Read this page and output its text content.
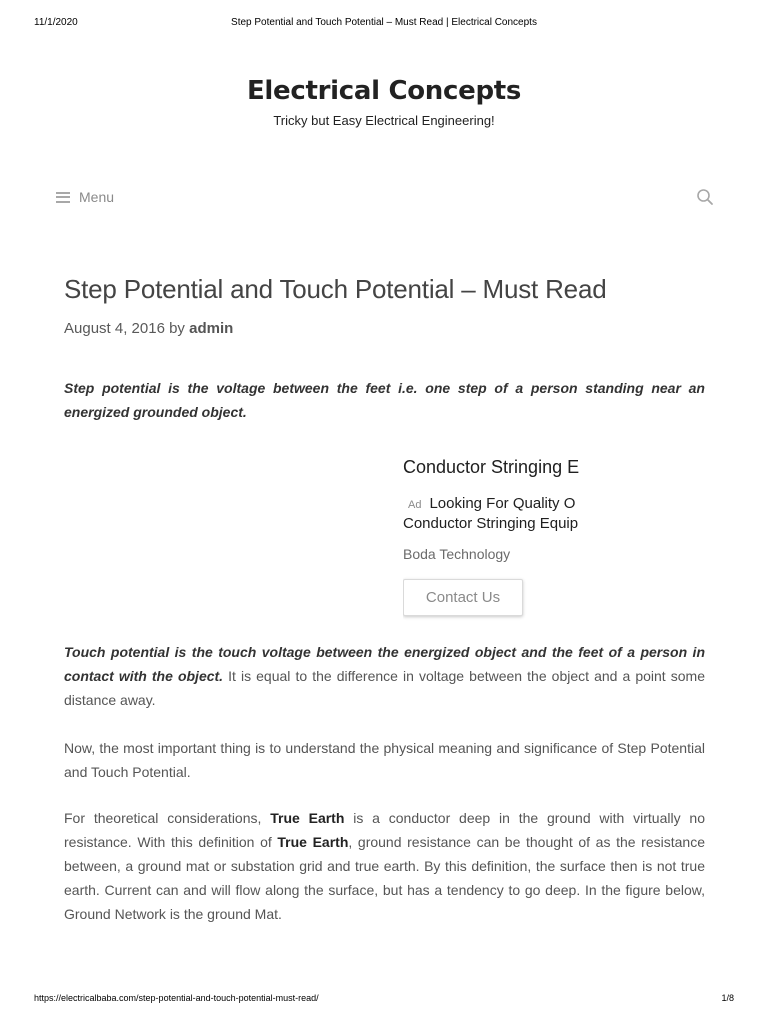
11/1/2020	Step Potential and Touch Potential – Must Read | Electrical Concepts
Electrical Concepts
Tricky but Easy Electrical Engineering!
Menu
Step Potential and Touch Potential – Must Read
August 4, 2016 by admin

Step potential is the voltage between the feet i.e. one step of a person standing near an energized grounded object.

Conductor Stringing E
Ad Looking For Quality O
Conductor Stringing Equip
Boda Technology
Contact Us

Touch potential is the touch voltage between the energized object and the feet of a person in contact with the object. It is equal to the difference in voltage between the object and a point some distance away.

Now, the most important thing is to understand the physical meaning and significance of Step Potential and Touch Potential.

For theoretical considerations, True Earth is a conductor deep in the ground with virtually no resistance. With this definition of True Earth, ground resistance can be thought of as the resistance between, a ground mat or substation grid and true earth. By this definition, the surface then is not true earth. Current can and will flow along the surface, but has a tendency to go deep. In the figure below, Ground Network is the ground Mat.

https://electricalbaba.com/step-potential-and-touch-potential-must-read/	1/8
